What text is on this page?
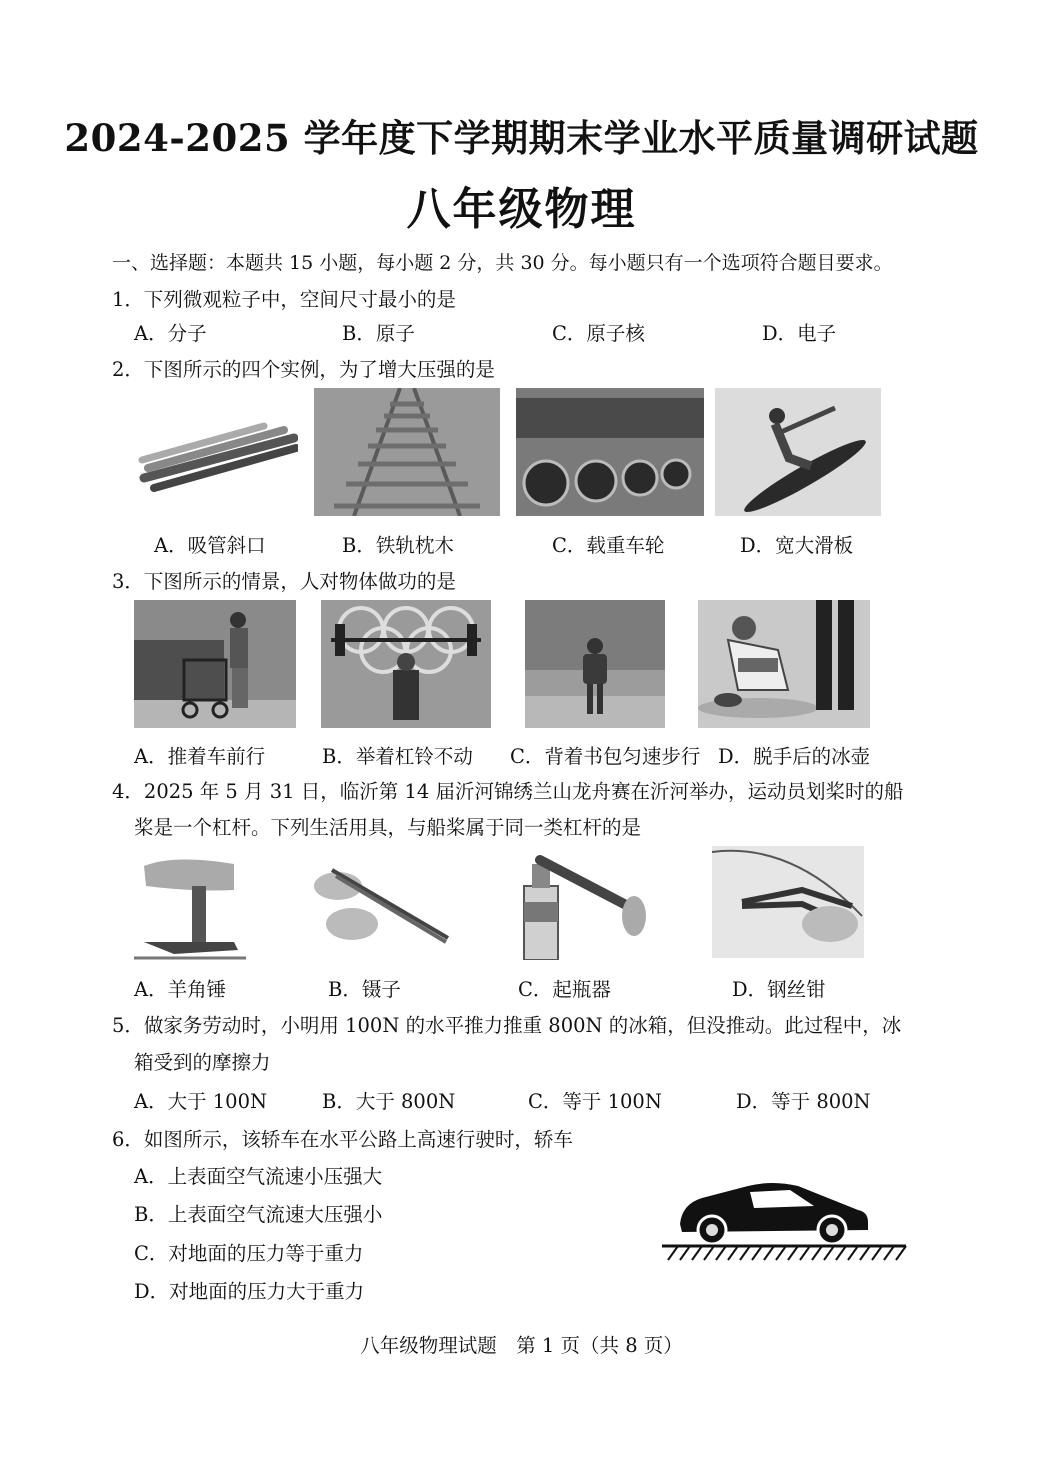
2024-2025 学年度下学期期末学业水平质量调研试题
八年级物理
一、选择题：本题共 15 小题，每小题 2 分，共 30 分。每小题只有一个选项符合题目要求。
1．下列微观粒子中，空间尺寸最小的是
A．分子	B．原子	C．原子核	D．电子
2．下图所示的四个实例，为了增大压强的是
A．吸管斜口	B．铁轨枕木	C．载重车轮	D．宽大滑板
3．下图所示的情景，人对物体做功的是
A．推着车前行	B．举着杠铃不动 C．背着书包匀速步行 D．脱手后的冰壶
4．2025 年 5 月 31 日，临沂第 14 届沂河锦绣兰山龙舟赛在沂河举办，运动员划桨时的船
桨是一个杠杆。下列生活用具，与船桨属于同一类杠杆的是
A．羊角锤	B．镊子	C．起瓶器	D．钢丝钳
5．做家务劳动时，小明用 100N 的水平推力推重 800N 的冰箱，但没推动。此过程中，冰
箱受到的摩擦力
A．大于 100N	B．大于 800N	C．等于 100N	D．等于 800N
6．如图所示，该轿车在水平公路上高速行驶时，轿车
A．上表面空气流速小压强大
B．上表面空气流速大压强小
C．对地面的压力等于重力
D．对地面的压力大于重力
八年级物理试题　第 1 页（共 8 页）
